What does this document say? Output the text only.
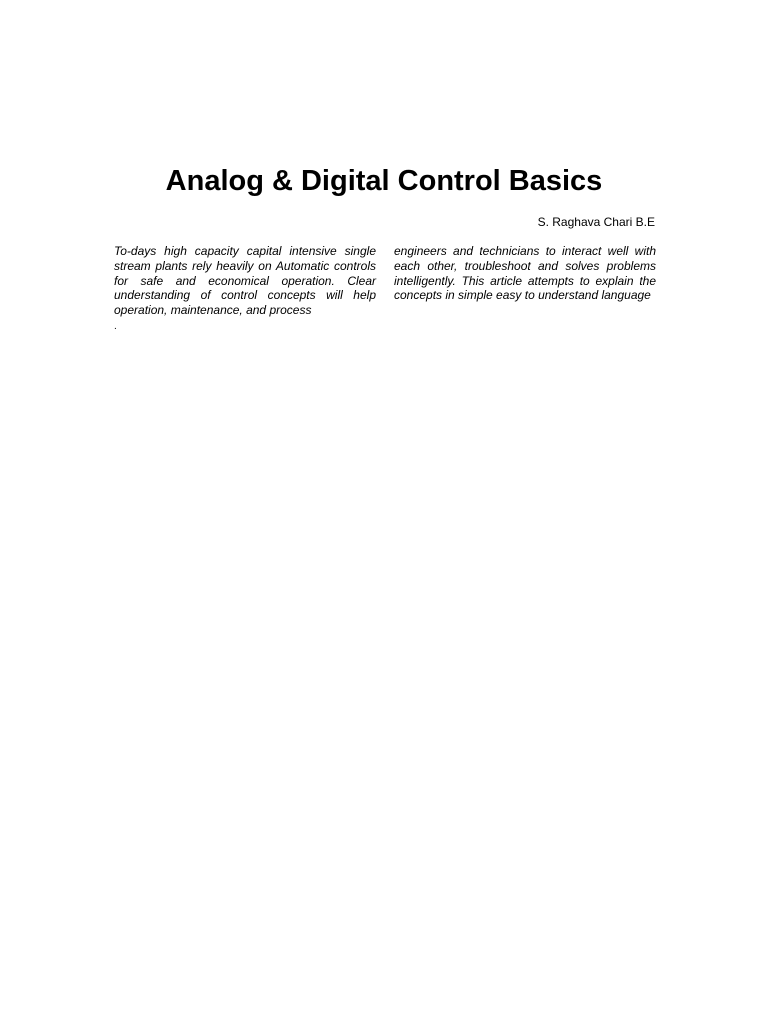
Analog & Digital Control Basics
S. Raghava Chari B.E

To-days high capacity capital intensive single stream plants rely heavily on Automatic controls for safe and economical operation. Clear understanding of control concepts will help operation, maintenance, and process

engineers and technicians to interact well with each other, troubleshoot and solves problems intelligently. This article attempts to explain the concepts in simple easy to understand language

.
